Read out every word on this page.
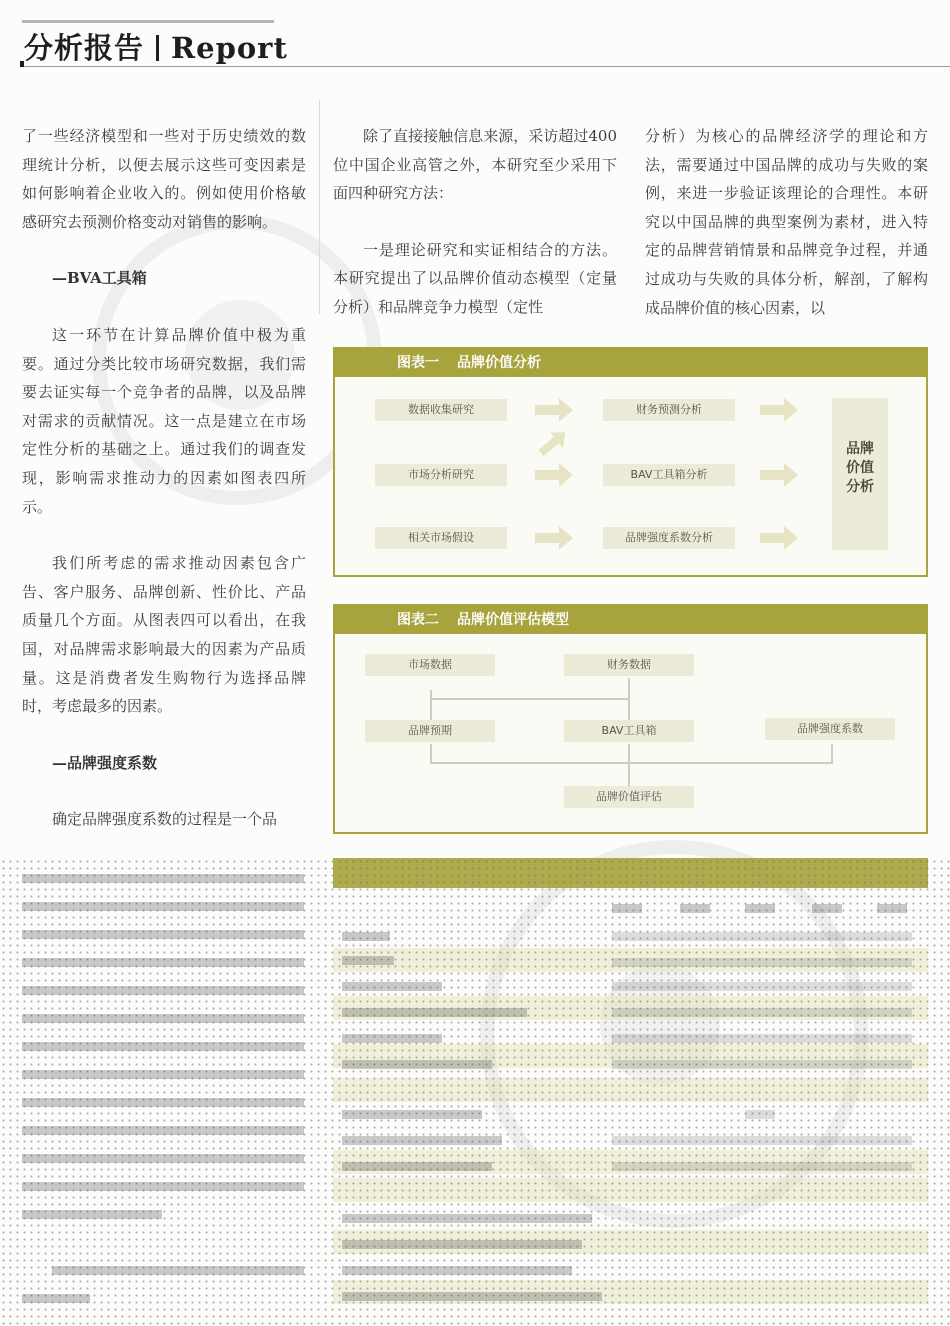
分析报告 Report

了一些经济模型和一些对于历史绩效的数理统计分析，以便去展示这些可变因素是如何影响着企业收入的。例如使用价格敏感研究去预测价格变动对销售的影响。

—BVA工具箱

这一环节在计算品牌价值中极为重要。通过分类比较市场研究数据，我们需要去证实每一个竞争者的品牌，以及品牌对需求的贡献情况。这一点是建立在市场定性分析的基础之上。通过我们的调查发现，影响需求推动力的因素如图表四所示。

我们所考虑的需求推动因素包含广告、客户服务、品牌创新、性价比、产品质量几个方面。从图表四可以看出，在我国，对品牌需求影响最大的因素为产品质量。这是消费者发生购物行为选择品牌时，考虑最多的因素。

—品牌强度系数

确定品牌强度系数的过程是一个品

除了直接接触信息来源，采访超过400位中国企业高管之外，本研究至少采用下面四种研究方法：

一是理论研究和实证相结合的方法。本研究提出了以品牌价值动态模型（定量分析）和品牌竞争力模型（定性

分析）为核心的品牌经济学的理论和方法，需要通过中国品牌的成功与失败的案例，来进一步验证该理论的合理性。本研究以中国品牌的典型案例为素材，进入特定的品牌营销情景和品牌竞争过程，并通过成功与失败的具体分析，解剖，了解构成品牌价值的核心因素，以

图表一 品牌价值分析
数据收集研究
市场分析研究
相关市场假设
财务预测分析
BAV工具箱分析
品牌强度系数分析
品牌
价值
分析
图表二 品牌价值评估模型
市场数据	财务数据
品牌预期	BAV工具箱	品牌强度系数
品牌价值评估
